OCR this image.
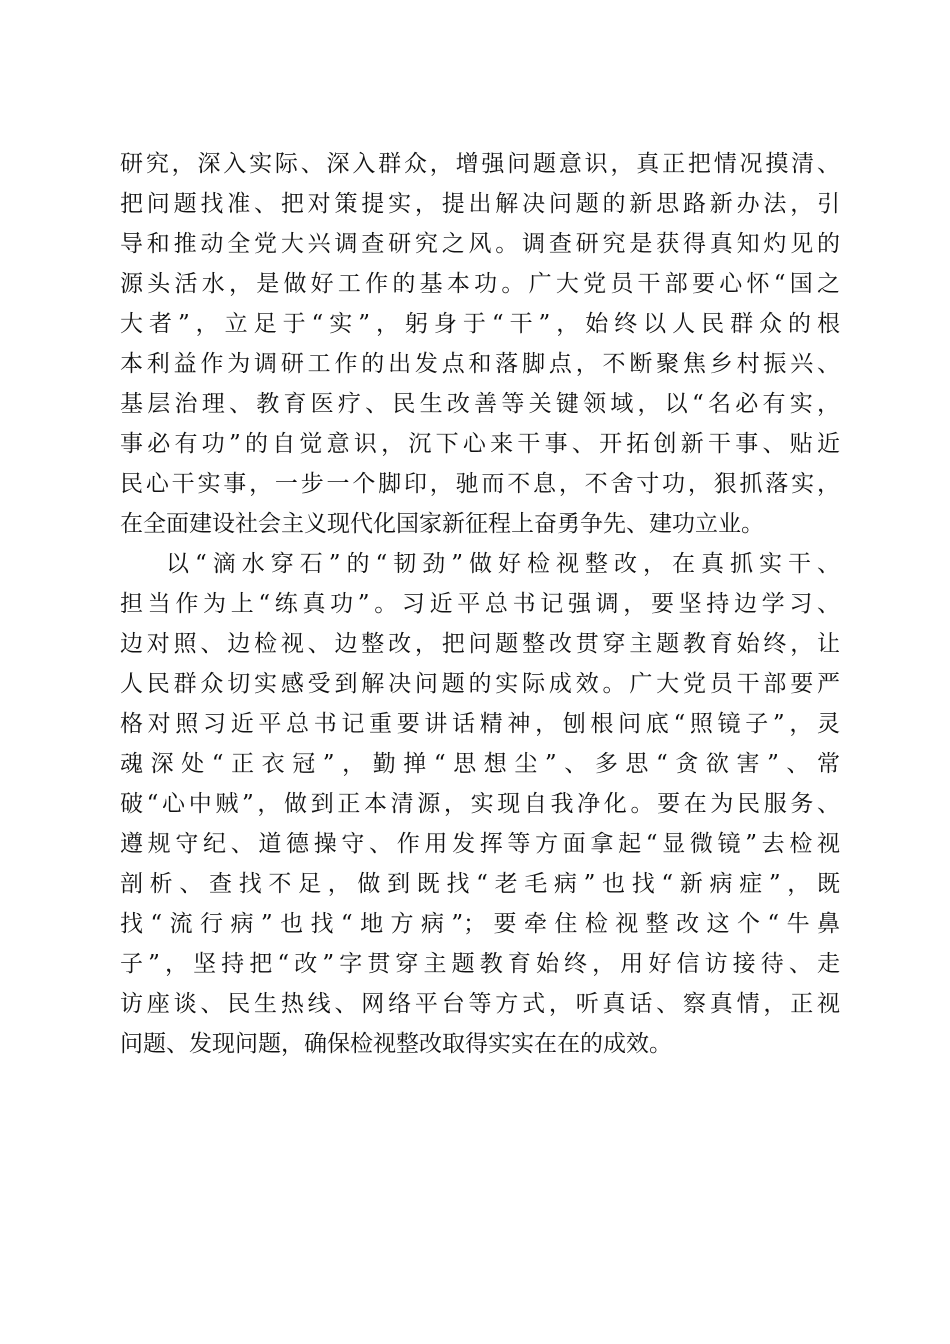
研究，深入实际、深入群众，增强问题意识，真正把情况摸清、
把问题找准、把对策提实，提出解决问题的新思路新办法，引
导和推动全党大兴调查研究之风。调查研究是获得真知灼见的
源头活水，是做好工作的基本功。广大党员干部要心怀“国之
大者”，立足于“实”，躬身于“干”，始终以人民群众的根
本利益作为调研工作的出发点和落脚点，不断聚焦乡村振兴、
基层治理、教育医疗、民生改善等关键领域，以“名必有实，
事必有功”的自觉意识，沉下心来干事、开拓创新干事、贴近
民心干实事，一步一个脚印，驰而不息，不舍寸功，狠抓落实，
在全面建设社会主义现代化国家新征程上奋勇争先、建功立业。
以“滴水穿石”的“韧劲”做好检视整改，在真抓实干、
担当作为上“练真功”。习近平总书记强调，要坚持边学习、
边对照、边检视、边整改，把问题整改贯穿主题教育始终，让
人民群众切实感受到解决问题的实际成效。广大党员干部要严
格对照习近平总书记重要讲话精神，刨根问底“照镜子”，灵
魂深处“正衣冠”，勤掸“思想尘”、多思“贪欲害”、常
破“心中贼”，做到正本清源，实现自我净化。要在为民服务、
遵规守纪、道德操守、作用发挥等方面拿起“显微镜”去检视
剖析、查找不足，做到既找“老毛病”也找“新病症”，既
找“流行病”也找“地方病”；要牵住检视整改这个“牛鼻
子”，坚持把“改”字贯穿主题教育始终，用好信访接待、走
访座谈、民生热线、网络平台等方式，听真话、察真情，正视
问题、发现问题，确保检视整改取得实实在在的成效。
